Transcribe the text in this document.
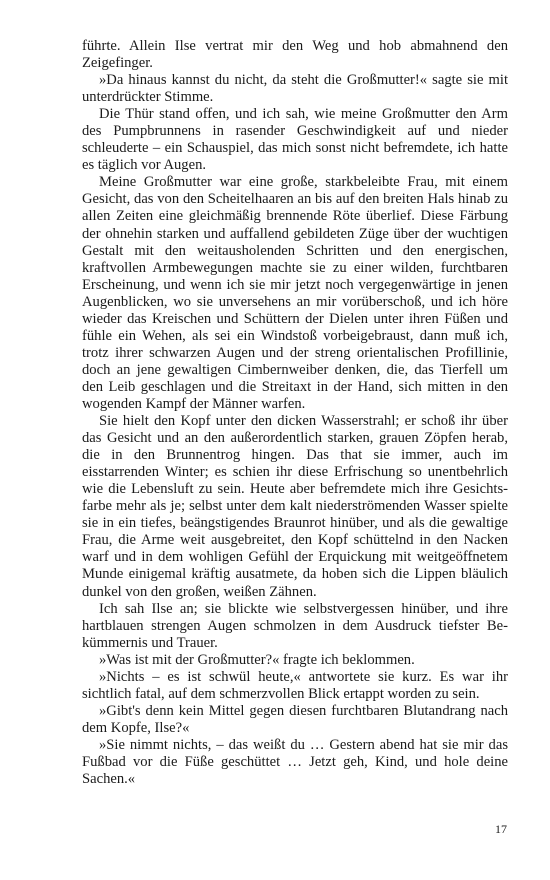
führte. Allein Ilse vertrat mir den Weg und hob abmahnend den Zeigefinger.

»Da hinaus kannst du nicht, da steht die Großmutter!« sagte sie mit unterdrückter Stimme.

Die Thür stand offen, und ich sah, wie meine Großmutter den Arm des Pumpbrunnens in rasender Geschwindigkeit auf und nieder schleuderte – ein Schauspiel, das mich sonst nicht befremdete, ich hatte es täglich vor Augen.

Meine Großmutter war eine große, starkbeleibte Frau, mit einem Gesicht, das von den Scheitelhaaren an bis auf den breiten Hals hinab zu allen Zeiten eine gleichmäßig brennende Röte überlief. Diese Färbung der ohnehin starken und auffallend gebildeten Züge über der wuchtigen Gestalt mit den weitausholenden Schritten und den energischen, kraftvollen Armbewegungen machte sie zu einer wilden, furchtbaren Erscheinung, und wenn ich sie mir jetzt noch vergegenwärtige in jenen Augenblicken, wo sie unversehens an mir vorüberschoß, und ich höre wieder das Kreischen und Schüttern der Dielen unter ihren Füßen und fühle ein Wehen, als sei ein Windstoß vorbeigebraust, dann muß ich, trotz ihrer schwarzen Augen und der streng orientalischen Profillinie, doch an jene gewaltigen Cimbernweiber denken, die, das Tierfell um den Leib geschlagen und die Streitaxt in der Hand, sich mitten in den wogenden Kampf der Männer warfen.

Sie hielt den Kopf unter den dicken Wasserstrahl; er schoß ihr über das Gesicht und an den außerordentlich starken, grauen Zöpfen herab, die in den Brunnentrog hingen. Das that sie immer, auch im eisstarrenden Winter; es schien ihr diese Erfrischung so unentbehrlich wie die Lebensluft zu sein. Heute aber befremdete mich ihre Gesichtsfarbe mehr als je; selbst unter dem kalt niederströmenden Wasser spielte sie in ein tiefes, beängstigendes Braunrot hinüber, und als die gewaltige Frau, die Arme weit ausgebreitet, den Kopf schüttelnd in den Nacken warf und in dem wohligen Gefühl der Erquickung mit weitgeöffnetem Munde einigemal kräftig ausatmete, da hoben sich die Lippen bläulich dunkel von den großen, weißen Zähnen.

Ich sah Ilse an; sie blickte wie selbstvergessen hinüber, und ihre hartblauen strengen Augen schmolzen in dem Ausdruck tiefster Bekümmernis und Trauer.

»Was ist mit der Großmutter?« fragte ich beklommen.

»Nichts – es ist schwül heute,« antwortete sie kurz. Es war ihr sichtlich fatal, auf dem schmerzvollen Blick ertappt worden zu sein.

»Gibt's denn kein Mittel gegen diesen furchtbaren Blutandrang nach dem Kopfe, Ilse?«

»Sie nimmt nichts, – das weißt du … Gestern abend hat sie mir das Fußbad vor die Füße geschüttet … Jetzt geh, Kind, und hole deine Sachen.«

17
